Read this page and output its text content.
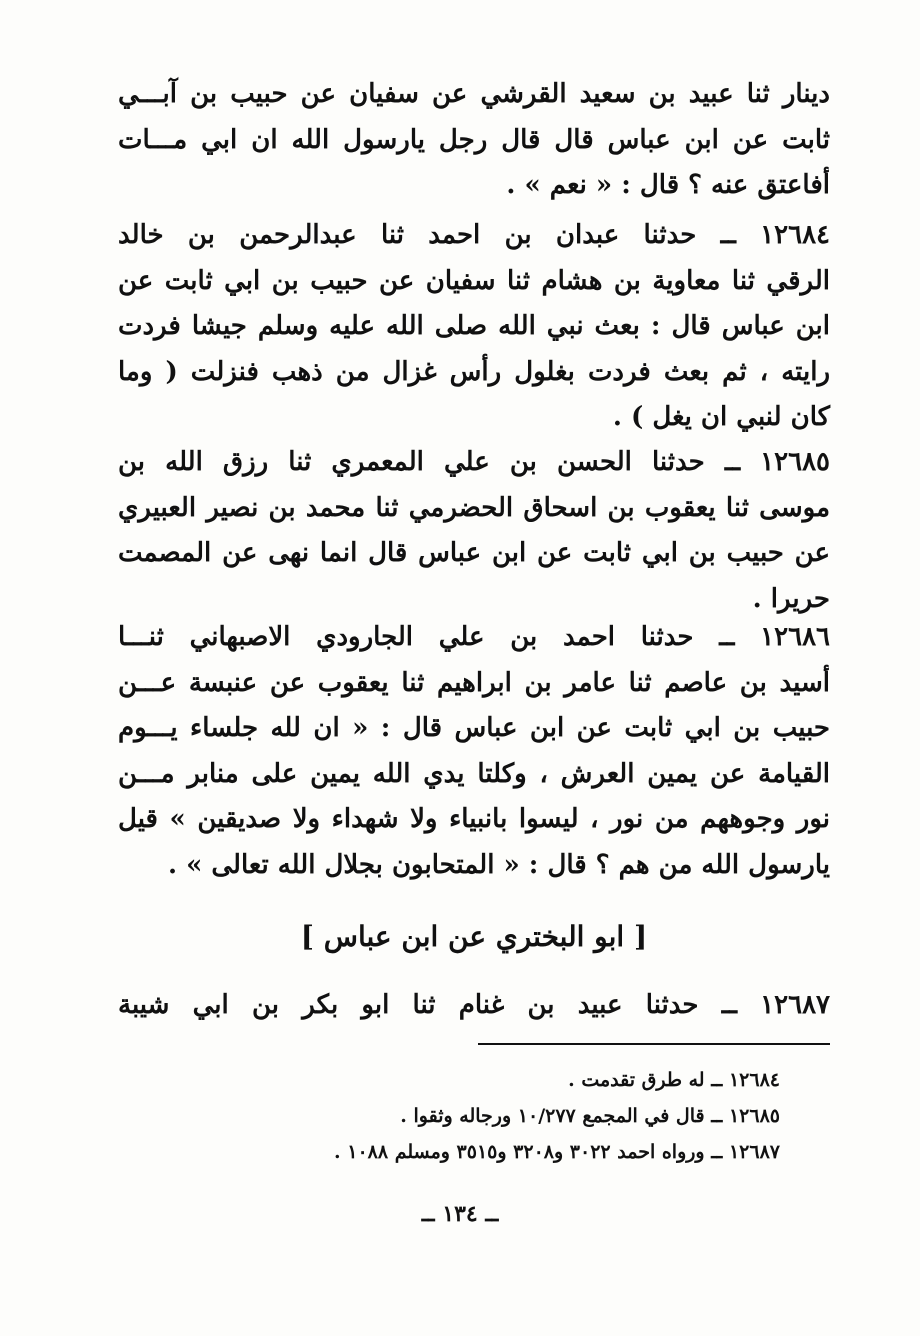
دينار ثنا عبيد بن سعيد القرشي عن سفيان عن حبيب بن آبـــي
ثابت عن ابن عباس قال قال رجل يارسول الله ان ابي مـــات
أفاعتق عنه ؟ قال : « نعم » .
١٢٦٨٤ ــ حدثنا عبدان بن احمد ثنا عبدالرحمن بن خالد
الرقي ثنا معاوية بن هشام ثنا سفيان عن حبيب بن ابي ثابت عن
ابن عباس قال : بعث نبي الله صلى الله عليه وسلم جيشا فردت
رايته ، ثم بعث فردت بغلول رأس غزال من ذهب فنزلت ( وما
كان لنبي ان يغل ) .
١٢٦٨٥ ــ حدثنا الحسن بن علي المعمري ثنا رزق الله بن
موسى ثنا يعقوب بن اسحاق الحضرمي ثنا محمد بن نصير العبيري
عن حبيب بن ابي ثابت عن ابن عباس قال انما نهى عن المصمت
حريرا .
١٢٦٨٦ ــ حدثنا احمد بن علي الجارودي الاصبهاني ثنـــا
أسيد بن عاصم ثنا عامر بن ابراهيم ثنا يعقوب عن عنبسة عـــن
حبيب بن ابي ثابت عن ابن عباس قال : « ان لله جلساء يـــوم
القيامة عن يمين العرش ، وكلتا يدي الله يمين على منابر مـــن
نور وجوههم من نور ، ليسوا بانبياء ولا شهداء ولا صديقين » قيل
يارسول الله من هم ؟ قال : « المتحابون بجلال الله تعالى » .
[ ابو البختري عن ابن عباس ]
١٢٦٨٧ ــ حدثنا عبيد بن غنام ثنا ابو بكر بن ابي شيبة
١٢٦٨٤ ــ له طرق تقدمت .
١٢٦٨٥ ــ قال في المجمع ١٠/٢٧٧ ورجاله وثقوا .
١٢٦٨٧ ــ ورواه احمد ٣٠٢٢ و٣٢٠٨ و٣٥١٥ ومسلم ١٠٨٨ .
ــ ١٣٤ ــ
